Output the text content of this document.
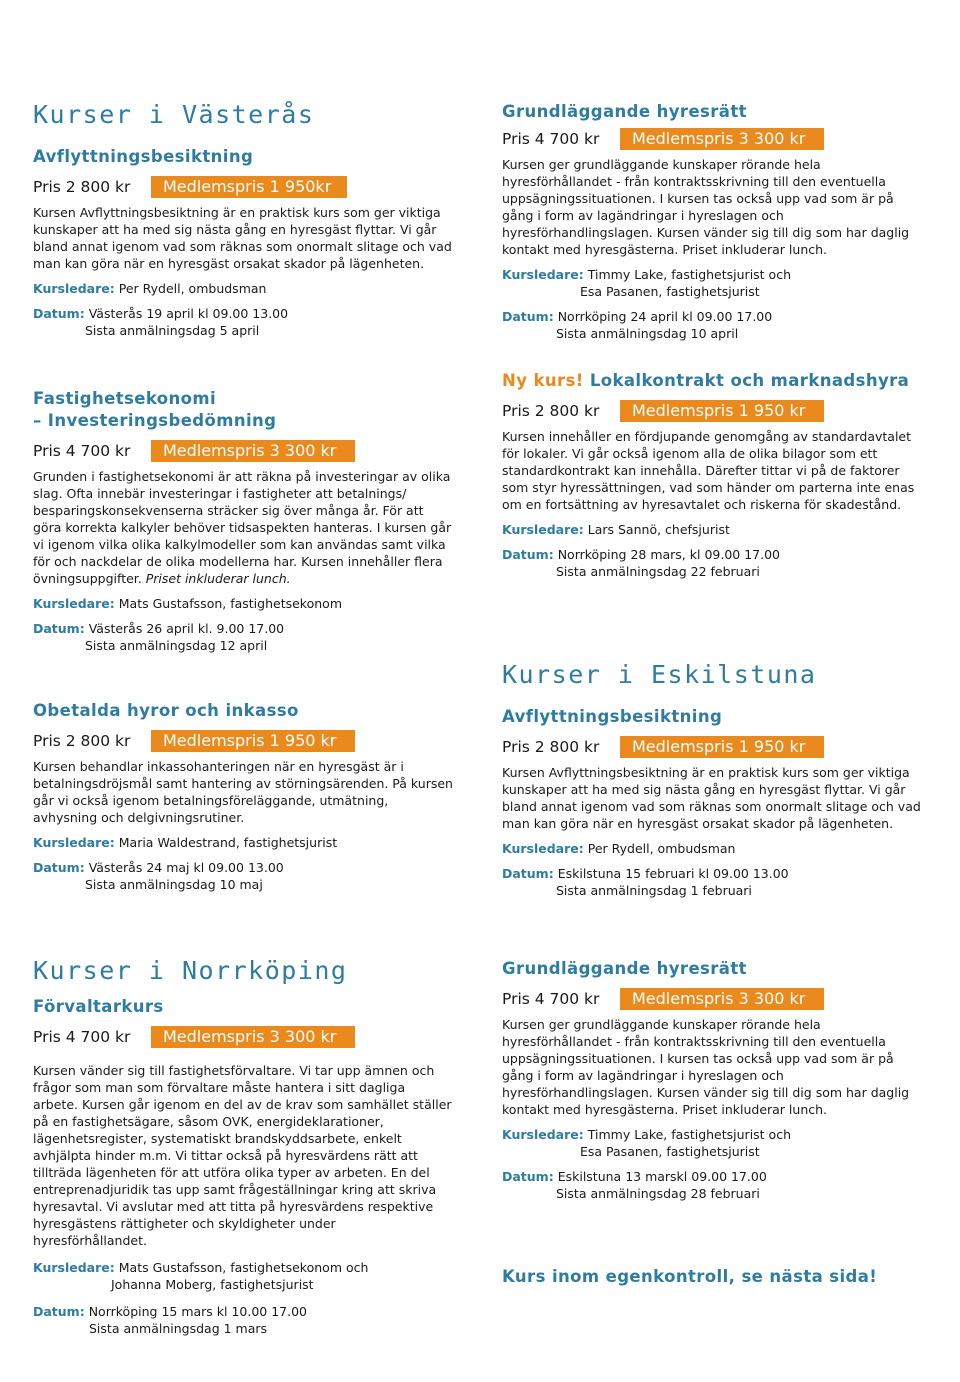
Kurser i Västerås
Avflyttningsbesiktning
Pris 2 800 kr	Medlemspris 1 950kr

Kursen Avflyttningsbesiktning är en praktisk kurs som ger viktiga kunskaper att ha med sig nästa gång en hyresgäst flyttar. Vi går bland annat igenom vad som räknas som onormalt slitage och vad man kan göra när en hyresgäst orsakat skador på lägenheten.

Kursledare: Per Rydell, ombudsman

Datum: Västerås 19 april kl 09.00 13.00

Sista anmälningsdag 5 april

Fastighetsekonomi
– Investeringsbedömning
Pris 4 700 kr	Medlemspris 3 300 kr

Grunden i fastighetsekonomi är att räkna på investeringar av olika slag. Ofta innebär investeringar i fastigheter att betalnings/ besparingskonsekvenserna sträcker sig över många år. För att göra korrekta kalkyler behöver tidsaspekten hanteras. I kursen går vi igenom vilka olika kalkylmodeller som kan användas samt vilka för och nackdelar de olika modellerna har. Kursen innehåller flera övningsuppgifter. Priset inkluderar lunch.

Kursledare: Mats Gustafsson, fastighetsekonom

Datum: Västerås 26 april kl. 9.00 17.00

Sista anmälningsdag 12 april

Obetalda hyror och inkasso
Pris 2 800 kr	Medlemspris 1 950 kr

Kursen behandlar inkassohanteringen när en hyresgäst är i betalningsdröjsmål samt hantering av störningsärenden. På kursen går vi också igenom betalningsföreläggande, utmätning, avhysning och delgivningsrutiner.

Kursledare: Maria Waldestrand, fastighetsjurist

Datum: Västerås 24 maj kl 09.00 13.00

Sista anmälningsdag 10 maj

Kurser i Norrköping
Förvaltarkurs
Pris 4 700 kr	Medlemspris 3 300 kr

Kursen vänder sig till fastighetsförvaltare. Vi tar upp ämnen och frågor som man som förvaltare måste hantera i sitt dagliga arbete. Kursen går igenom en del av de krav som samhället ställer på en fastighetsägare, såsom OVK, energideklarationer, lägenhetsregister, systematiskt brandskyddsarbete, enkelt avhjälpta hinder m.m. Vi tittar också på hyresvärdens rätt att tillträda lägenheten för att utföra olika typer av arbeten. En del entreprenadjuridik tas upp samt frågeställningar kring att skriva hyresavtal. Vi avslutar med att titta på hyresvärdens respektive hyresgästens rättigheter och skyldigheter under hyresförhållandet.

Kursledare: Mats Gustafsson, fastighetsekonom och

Johanna Moberg, fastighetsjurist

Datum: Norrköping 15 mars kl 10.00 17.00

Sista anmälningsdag 1 mars

Grundläggande hyresrätt
Pris 4 700 kr	Medlemspris 3 300 kr

Kursen ger grundläggande kunskaper rörande hela hyresförhållandet - från kontraktsskrivning till den eventuella uppsägningssituationen. I kursen tas också upp vad som är på gång i form av lagändringar i hyreslagen och hyresförhandlingslagen. Kursen vänder sig till dig som har daglig kontakt med hyresgästerna. Priset inkluderar lunch.

Kursledare: Timmy Lake, fastighetsjurist och

Esa Pasanen, fastighetsjurist

Datum: Norrköping 24 april kl 09.00 17.00

Sista anmälningsdag 10 april

Ny kurs! Lokalkontrakt och marknadshyra
Pris 2 800 kr	Medlemspris 1 950 kr

Kursen innehåller en fördjupande genomgång av standardavtalet för lokaler. Vi går också igenom alla de olika bilagor som ett standardkontrakt kan innehålla. Därefter tittar vi på de faktorer som styr hyressättningen, vad som händer om parterna inte enas om en fortsättning av hyresavtalet och riskerna för skadestånd.

Kursledare: Lars Sannö, chefsjurist

Datum: Norrköping 28 mars, kl 09.00 17.00

Sista anmälningsdag 22 februari

Kurser i Eskilstuna
Avflyttningsbesiktning
Pris 2 800 kr	Medlemspris 1 950 kr

Kursen Avflyttningsbesiktning är en praktisk kurs som ger viktiga kunskaper att ha med sig nästa gång en hyresgäst flyttar. Vi går bland annat igenom vad som räknas som onormalt slitage och vad man kan göra när en hyresgäst orsakat skador på lägenheten.

Kursledare: Per Rydell, ombudsman

Datum: Eskilstuna 15 februari kl 09.00 13.00

Sista anmälningsdag 1 februari

Grundläggande hyresrätt
Pris 4 700 kr	Medlemspris 3 300 kr

Kursen ger grundläggande kunskaper rörande hela hyresförhållandet - från kontraktsskrivning till den eventuella uppsägningssituationen. I kursen tas också upp vad som är på gång i form av lagändringar i hyreslagen och hyresförhandlingslagen. Kursen vänder sig till dig som har daglig kontakt med hyresgästerna. Priset inkluderar lunch.

Kursledare: Timmy Lake, fastighetsjurist och

Esa Pasanen, fastighetsjurist

Datum: Eskilstuna 13 marskl 09.00 17.00

Sista anmälningsdag 28 februari

Kurs inom egenkontroll, se nästa sida!
